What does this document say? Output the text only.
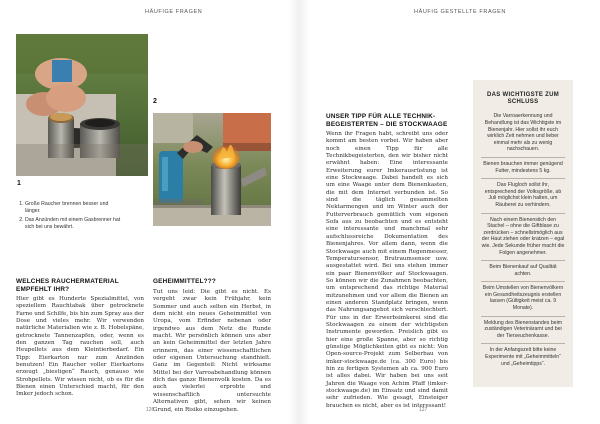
HÄUFIGE FRAGEN
1
1. Große Raucher brennen besser und länger.
2. Das Anzünden mit einem Gasbrenner hat sich bei uns bewährt.
2
WELCHES RAUCHERMATERIAL EMPFEHLT IHR?
Hier gibt es Hunderte Spezialmittel, von speziellem Rauchtabak über getrocknete Farne und Schilfe, bis hin zum Spray aus der Dose und vieles mehr. Wir verwenden natürliche Materialien wie z. B. Hobelspäne, getrocknete Tannenzapfen, oder, wenn es den ganzen Tag rauchen soll, auch Heupellets aus dem Kleintierbedarf. Ein Tipp: Eierkarton nur zum Anzünden benutzen! Ein Raucher voller Eierkartons erzeugt „biestigen“ Rauch, genauso wie Strohpellets. Wir wissen nicht, ob es für die Bienen einen Unterschied macht, für den Imker jedoch schon.
GEHEIMMITTEL???
Tut uns leid: Die gibt es nicht. Es vergeht zwar kein Frühjahr, kein Sommer und auch selten ein Herbst, in dem nicht ein neues Geheimmittel von Uropa, vom Erfinder nebenan oder irgendwo aus dem Netz die Runde macht. Wir persönlich können uns aber an kein Geheimmittel der letzten Jahre erinnern, das einer wissenschaftlichen oder eigenen Untersuchung standhielt. Ganz im Gegenteil: Nicht wirksame Mittel bei der Varroabehandlung können dich das ganze Bienenvolk kosten. Da es auch vielerlei erprobte und wissenschaftlich untersuchte Alternativen gibt, sehen wir keinen Grund, ein Risiko einzugehen.
126
HÄUFIG GESTELLTE FRAGEN
UNSER TIPP FÜR ALLE TECHNIK-BEGEISTERTEN – DIE STOCKWAAGE
Wenn ihr Fragen habt, schreibt uns oder kommt am besten vorbei. Wir haben aber noch einen Tipp für alle Technikbegeisterten, den wir bisher nicht erwähnt haben: Eine interessante Erweiterung eurer Imkerausrüstung ist eine Stockwaage. Dabei handelt es sich um eine Waage unter dem Bienenkasten, die mit dem Internet verbunden ist. So sind die täglich gesammelten Nektarmengen und im Winter auch der Futterverbrauch gemütlich vom eigenen Sofa aus zu beobachten und es entsteht eine interessante und manchmal sehr aufschlussreiche Dokumentation des Bienenjahres. Vor allem dann, wenn die Stockwaage auch mit einem Regenmesser, Temperatursensor, Brutraumsensor usw. ausgestattet wird. Bei uns stehen immer ein paar Bienenvölker auf Stockwaagen. So können wir die Zunahmen beobachten, um entsprechend das richtige Material mitzunehmen und vor allem die Bienen an einen anderen Standplatz bringen, wenn das Nahrungsangebot sich verschlechtert. Für uns in der Erwerbsimkerei sind die Stockwaagen zu einem der wichtigsten Instrumente geworden. Preislich gibt es hier eine große Spanne, aber so richtig günstige Möglichkeiten gibt es nicht: Von Open-source-Projekt zum Selberbau von imker-stockwaage.de (ca. 300 Euro) bis hin zu fertigen Systemen ab ca. 900 Euro ist alles dabei. Wir haben bei uns seit Jahren die Waage von Achim Pfaff (imker-stockwaage.de) im Einsatz und sind damit sehr zufrieden. Wie gesagt, Einsteiger brauchen es nicht, aber es ist interessant!
DAS WICHTIGSTE ZUM SCHLUSS
Die Varroaerkennung und Behandlung ist das Wichtigste im Bienenjahr. Hier sollst ihr euch wirklich Zeit nehmen und lieber einmal mehr als zu wenig nachschauen.
Bienen brauchen immer genügend Futter, mindestens 5 kg.
Das Flugloch sollst ihr, entsprechend der Volksgröße, ab Juli möglichst klein halten, um Räuberei zu verhindern.
Nach einem Bienenstich den Stachel – ohne die Giftblase zu zerdrücken – schnellstmöglich aus der Haut ziehen oder kratzen – egal wie. Jede Sekunde früher macht die Folgen angenehmer.
Beim Bienenkauf auf Qualität achten.
Beim Umstellen von Bienenvölkern ein Gesundheitszeugnis erstellen lassen (Gültigkeit meist ca. 9 Monate).
Meldung des Bienenstandes beim zuständigen Veterinäramt und bei der Tierseuchenkasse.
In der Anfangszeit bitte keine Experimente mit „Geheimmitteln“ und „Geheimtipps“.
127
